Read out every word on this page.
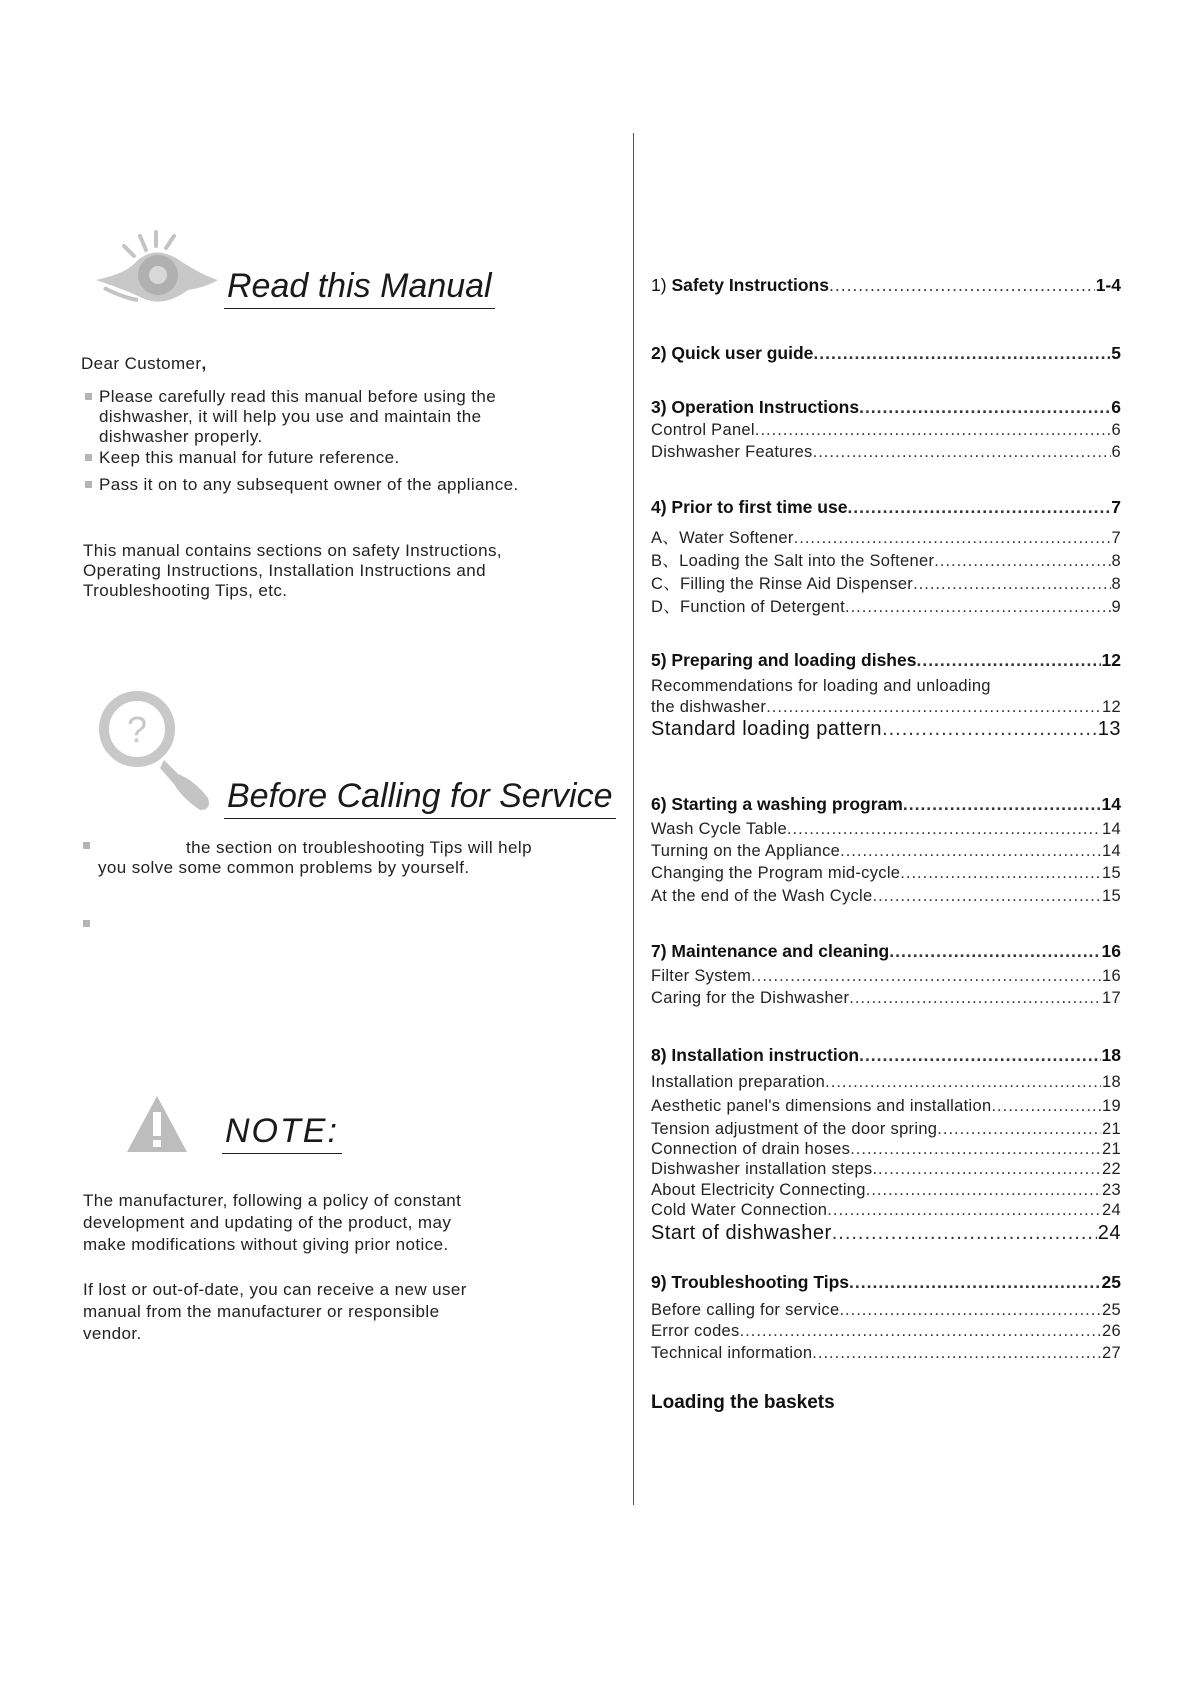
Read this Manual
Dear Customer,
Please carefully read this manual before using the
dishwasher, it will help you use and maintain the
dishwasher properly.
Keep this manual for future reference.
Pass it on to any subsequent owner of the appliance.
This manual contains sections on safety Instructions,
Operating Instructions, Installation Instructions and
Troubleshooting Tips, etc.
?
Before Calling for Service
the section on troubleshooting Tips will help
you solve some common problems by yourself.
NOTE:
The manufacturer, following a policy of constant
development and updating of the product, may
make modifications without giving prior notice.
If lost or out-of-date, you can receive a new user
manual from the manufacturer or responsible
vendor.
1) Safety Instructions .....	1-4
2) Quick user guide .....	5
3) Operation Instructions .....	6
Control Panel .....	6
Dishwasher Features .....	6
4) Prior to first time use .....	7
A、Water Softener .....	7
B、Loading the Salt into the Softener .....	8
C、Filling the Rinse Aid Dispenser .....	8
D、Function of Detergent .....	9
5) Preparing and loading dishes .....	12
Recommendations for loading and unloading
the dishwasher .....	12
Standard loading pattern .....	13
6) Starting a washing program .....	14
Wash Cycle Table .....	14
Turning on the Appliance .....	14
Changing the Program mid-cycle .....	15
At the end of the Wash Cycle .....	15
7) Maintenance and cleaning .....	16
Filter System .....	16
Caring for the Dishwasher .....	17
8) Installation instruction .....	18
Installation preparation .....	18
Aesthetic panel's dimensions and installation .....	19
Tension adjustment of the door spring .....	21
Connection of drain hoses .....	21
Dishwasher installation steps .....	22
About Electricity Connecting .....	23
Cold Water Connection .....	24
Start of dishwasher .....	24
9) Troubleshooting Tips .....	25
Before calling for service .....	25
Error codes .....	26
Technical information .....	27
Loading the baskets
